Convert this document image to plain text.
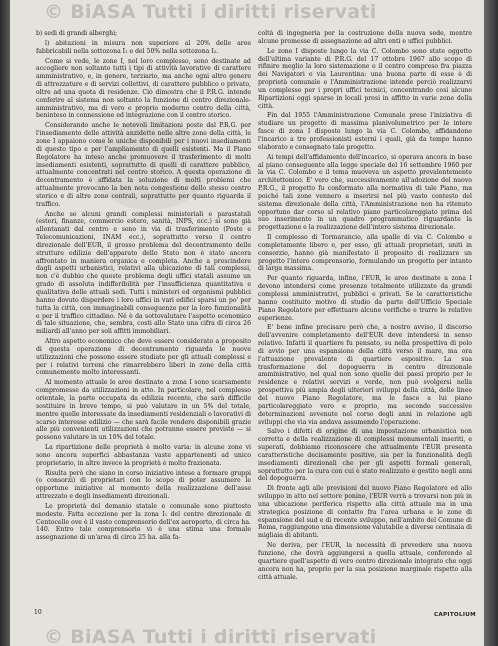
© BiASA Tutti i diritti riservati

b) sedi di grandi alberghi;

l) abitazioni in misura non superiore al 20% delle aree fabbricabili nella sottozona I₁ e del 50% nella sottozona I₂.

Come si vede, le zone I, nel loro complesso, sono destinate ad accogliere non soltanto tutti i tipi di attività lavorative di carattere amministrativo, e, in genere, terziario, ma anche ogni altro genere di attrezzature e di servizi collettivi, di carattere pubblico o privato, oltre ad una quota di residenze. Ciò dimostra che il P.R.G. intende conferire al sistema non soltanto la funzione di centro direzionale-amministrativo, ma di vero e proprio moderno centro della città, beninteso in connessione ed integrazione con il centro storico.

Considerando anche le notevoli limitazioni poste dal P.R.G. per l'insediamento delle attività anzidette nelle altre zone della città, le zone I appaiono come le uniche disponibili per i nuovi insediamenti di questo tipo e per l'ampliamento di quelli esistenti. Ma il Piano Regolatore ha inteso anche promuovere il trasferimento di molti insediamenti esistenti, soprattutto di quelli di carattere pubblico, attualmente concentrati nel centro storico. A questa operazione di decentramento è affidata la soluzione di molti problemi che attualmente provocano la ben nota congestione dello stesso centro storico e di altre zone centrali, soprattutto per quanto riguarda il traffico.

Anche se alcuni grandi complessi ministeriali e parastatali (esteri, finanze, commercio estero, sanità, INPS, ecc.) si sono già allontanati dal centro e sono in via di trasferimento (Poste e Telecomunicazioni, INAM ecc.), soprattutto verso il centro direzionale dell'EUR, il grosso problema del decentramento delle strutture edilizie dell'apparato dello Stato non è stato ancora affrontato in maniera organica e completa. Anche a prescindere dagli aspetti urbanistici, relativi alla ubicazione di tali complessi, non c'è dubbio che queste problema degli uffici statali assume un grado di assoluta indifferibilità per l'insufficienza quantitativa e qualitativa delle attuali sedi. Tutti i ministeri ed organismi pubblici hanno dovuto disperdere i loro uffici in vari edifici sparsi un po' per tutta la città, con immaginabili conseguenze per la loro funzionalità e per il traffico cittadino. Né è da sottovalutare l'aspetto economico di tale situazione, che, sembra, costi allo Stato una cifra di circa 26 miliardi all'anno per soli affitti immobiliari.

Altro aspetto economico che deve essere considerato a proposito di questa operazione di decentramento riguarda le nuove utilizzazioni che possono essere studiate per gli attuali complessi e per i relativi terreni che rimarrebbero liberi in zone della città comunemente molto interessanti.

Al momento attuale le aree destinate a zona I sono scarsamente compromesse da utilizzazioni in atto. In particolare, nel complesso orientale, la parte occupata da edilizia recente, che sarà difficile sostituire in breve tempo, si può valutare in un 5% del totale, mentre quelle interessate da insediamenti residenziali o lavorativi di scarso interesse edilizio — che sarà facile rendere disponibili grazie alle più convenienti utilizzazioni che potranno essere previste — si possono valutare in un 10% del totale.

La ripartizione delle proprietà è molto varia: in alcune zone vi sono ancora superfici abbastanza vaste appartenenti ad unico proprietario, in altre invece la proprietà è molto frazionata.

Risulta però che siano in corso iniziative intese a formare gruppi (o consorzi) di proprietari con lo scopo di poter assumere le opportune iniziative al momento della realizzazione dell'asse attrezzato e degli insediamenti direzionali.

Le proprietà del demanio statale e comunale sono piuttosto modeste. Fatta eccezione per la zona I₁ del centro direzionale di Centocelle ove è il vasto comprensorio dell'ex aeroporto, di circa ha. 140. Entro tale comprensorio vi è una stima una formale assegnazione di un'area di circa 25 ha. alla fa-

coltà di ingegneria per la costruzione della nuova sede, mentre alcune promesse di assegnazione ad altri enti e uffici pubblici.

Le zone I disposte lungo la via C. Colombo sono state oggetto dell'ultima variante di P.R.G. del 17 ottobre 1967 allo scopo di rifinire meglio la loro sistemazione e il centro compreso fra piazza dei Navigatori e via Laurentina: una buona parte di esse è di proprietà comunale e l'Amministrazione intende perciò realizzarvi un complesso per i propri uffici tecnici, concentrando così alcune Ripartizioni oggi sparse in locali presi in affitto in varie zone della città.

Fin dal 1955 l'Amministrazione Comunale prese l'iniziativa di studiare un progetto di massima planivolumetrico per le intere fasce di zona I disposte lungo la via C. Colombo, affidandone l'incarico a tre professionisti esterni i quali, già da tempo hanno elaborato e consegnato tale progetto.

Ai tempi dell'affidamento dell'incarico, si operava ancora in base al piano conseguente alla legge speciale del 16 settembre 1960 per la via C. Colombo e il tema muoveva un aspetto prevalentemente architettonico. E' vero che, successivamente all'adozione del nuovo P.R.G., il progetto fu conformato alla normativa di tale Piano, ma poiché tali zone vennero a inserirsi nel più vasto contesto del sistema direzionale della città, l'Amministrazione non ha ritenuto opportuno dar corso al relativo piano particolareggiato prima del suo inserimento in un quadro programmatico riguardante la progettazione e la realizzazione dell'intero sistema direzionale.

Il complesso di Tormarancio, alla spalle di via C. Colombo e completamente libero e, per esso, gli attuali proprietari, uniti in consorzio, hanno già manifestato il proposito di realizzare un progetto l'intero comprensorio, formulando un progetto per intanto di larga massima.

Per quanto riguarda, infine, l'EUR, le aree destinate a zona I devono intendersi come presenze totalmente utilizzate da grandi complessi amministrativi, pubblici e privati. Se le caratteristiche hanno costituito motivo di studio da parte dell'Ufficio Speciale Piano Regolatore per effettuare alcune verifiche e trarre le relative esperienze.

E' bene infine precisare però che, a nostro avviso, il discorso dell'avvenire completamento dell'EUR deve intendersi in senso relativo. Infatti il quartiere fu pensato, su nella prospettiva di polo di avvio per una espansione della città verso il mare, ma ora l'attuazione prevalente di quartiere espositivo. La sua trasformazione del dopoguerra in centro direzionale amministrativo, nel qual non sono quelle dei paesi proprio per le residenze e relativi servizi e verde, non può svolgersi nella prospettiva più ampia degli ulteriori sviluppi della città, delle linee del nuovo Piano Regolatore, ma le fasce a lui piano particolareggiato vero e proprio, ma secondo successive determinazioni avvenute nel corso degli anni in relazione agli sviluppi che via via andava assumendo l'operazione.

Salvo i difetti di origine di una impostazione urbanistica non corretta e della realizzazione di complessi monumentali inseriti, e superati, dobbiamo riconoscere che attualmente l'EUR presenta caratteristiche decisamente positive, sia per la funzionalità degli insediamenti direzionali che per gli aspetti formali generali, soprattutto per la cura con cui è stato realizzato e gestito negli anni del dopoguerra.

Di fronte agli alle previsioni del nuovo Piano Regolatore ed allo sviluppo in atto nel settore ponino, l'EUR verrà a trovarsi non più in una ubicazione periferica rispetto alla città attuale ma in una strategica posizione di contatto fra l'area urbana e le zone di espansione del sud e di recente sviluppo, nell'ambito del Comune di Roma, raggiungono una dimensione valutabile a diverse centinaia di migliaia di abitanti.

Ne deriva, per l'EUR, la necessità di prevedere una nuova funzione, che dovrà aggiungersi a quella attuale, conferendo al quartiere quell'aspetto di vero centro direzionale integrato che oggi ancora non ha, proprio per la sua posizione marginale rispetto alla città attuale.

10	CAPITOLIUM
© BiASA Tutti i diritti riservati
